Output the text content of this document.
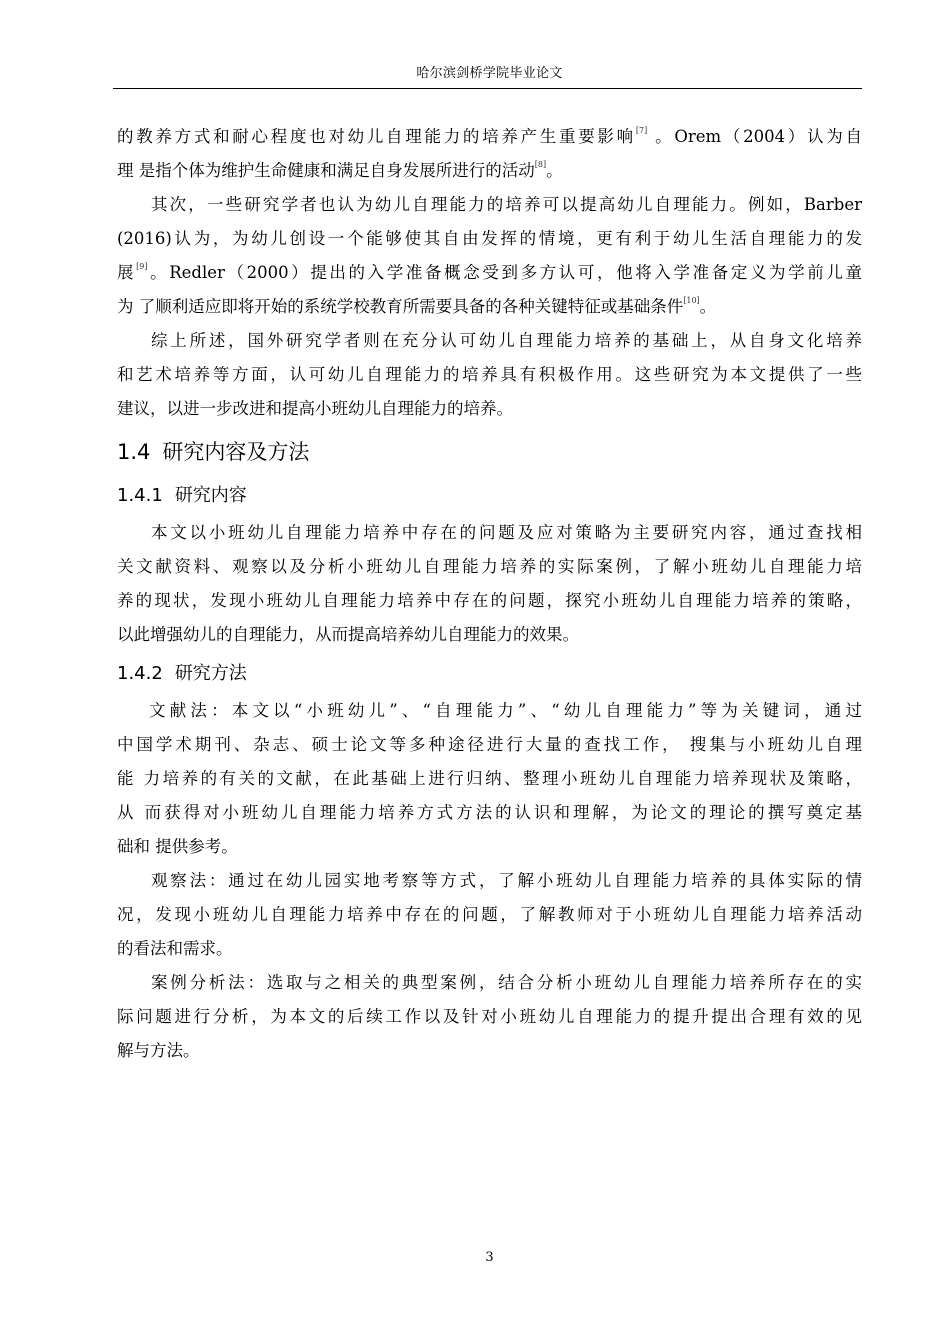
哈尔滨剑桥学院毕业论文
的教养方式和耐心程度也对幼儿自理能力的培养产生重要影响[7] 。Orem（2004）认为自
理 是指个体为维护生命健康和满足自身发展所进行的活动[8]。
其次，一些研究学者也认为幼儿自理能力的培养可以提高幼儿自理能力。例如，Barber
(2016)认为，为幼儿创设一个能够使其自由发挥的情境，更有利于幼儿生活自理能力的发
展[9]。Redler（2000）提出的入学准备概念受到多方认可，他将入学准备定义为学前儿童
为 了顺利适应即将开始的系统学校教育所需要具备的各种关键特征或基础条件[10]。
综上所述，国外研究学者则在充分认可幼儿自理能力培养的基础上，从自身文化培养
和艺术培养等方面，认可幼儿自理能力的培养具有积极作用。这些研究为本文提供了一些
建议，以进一步改进和提高小班幼儿自理能力的培养。
1.4 研究内容及方法
1.4.1 研究内容
本文以小班幼儿自理能力培养中存在的问题及应对策略为主要研究内容，通过查找相
关文献资料、观察以及分析小班幼儿自理能力培养的实际案例，了解小班幼儿自理能力培
养的现状，发现小班幼儿自理能力培养中存在的问题，探究小班幼儿自理能力培养的策略，
以此增强幼儿的自理能力，从而提高培养幼儿自理能力的效果。
1.4.2 研究方法
文献法：本文以“小班幼儿”、“自理能力”、“幼儿自理能力”等为关键词，通过
中国学术期刊、杂志、硕士论文等多种途径进行大量的查找工作， 搜集与小班幼儿自理
能 力培养的有关的文献，在此基础上进行归纳、整理小班幼儿自理能力培养现状及策略，
从 而获得对小班幼儿自理能力培养方式方法的认识和理解，为论文的理论的撰写奠定基
础和 提供参考。
观察法：通过在幼儿园实地考察等方式，了解小班幼儿自理能力培养的具体实际的情
况，发现小班幼儿自理能力培养中存在的问题，了解教师对于小班幼儿自理能力培养活动
的看法和需求。
案例分析法：选取与之相关的典型案例，结合分析小班幼儿自理能力培养所存在的实
际问题进行分析，为本文的后续工作以及针对小班幼儿自理能力的提升提出合理有效的见
解与方法。
3
